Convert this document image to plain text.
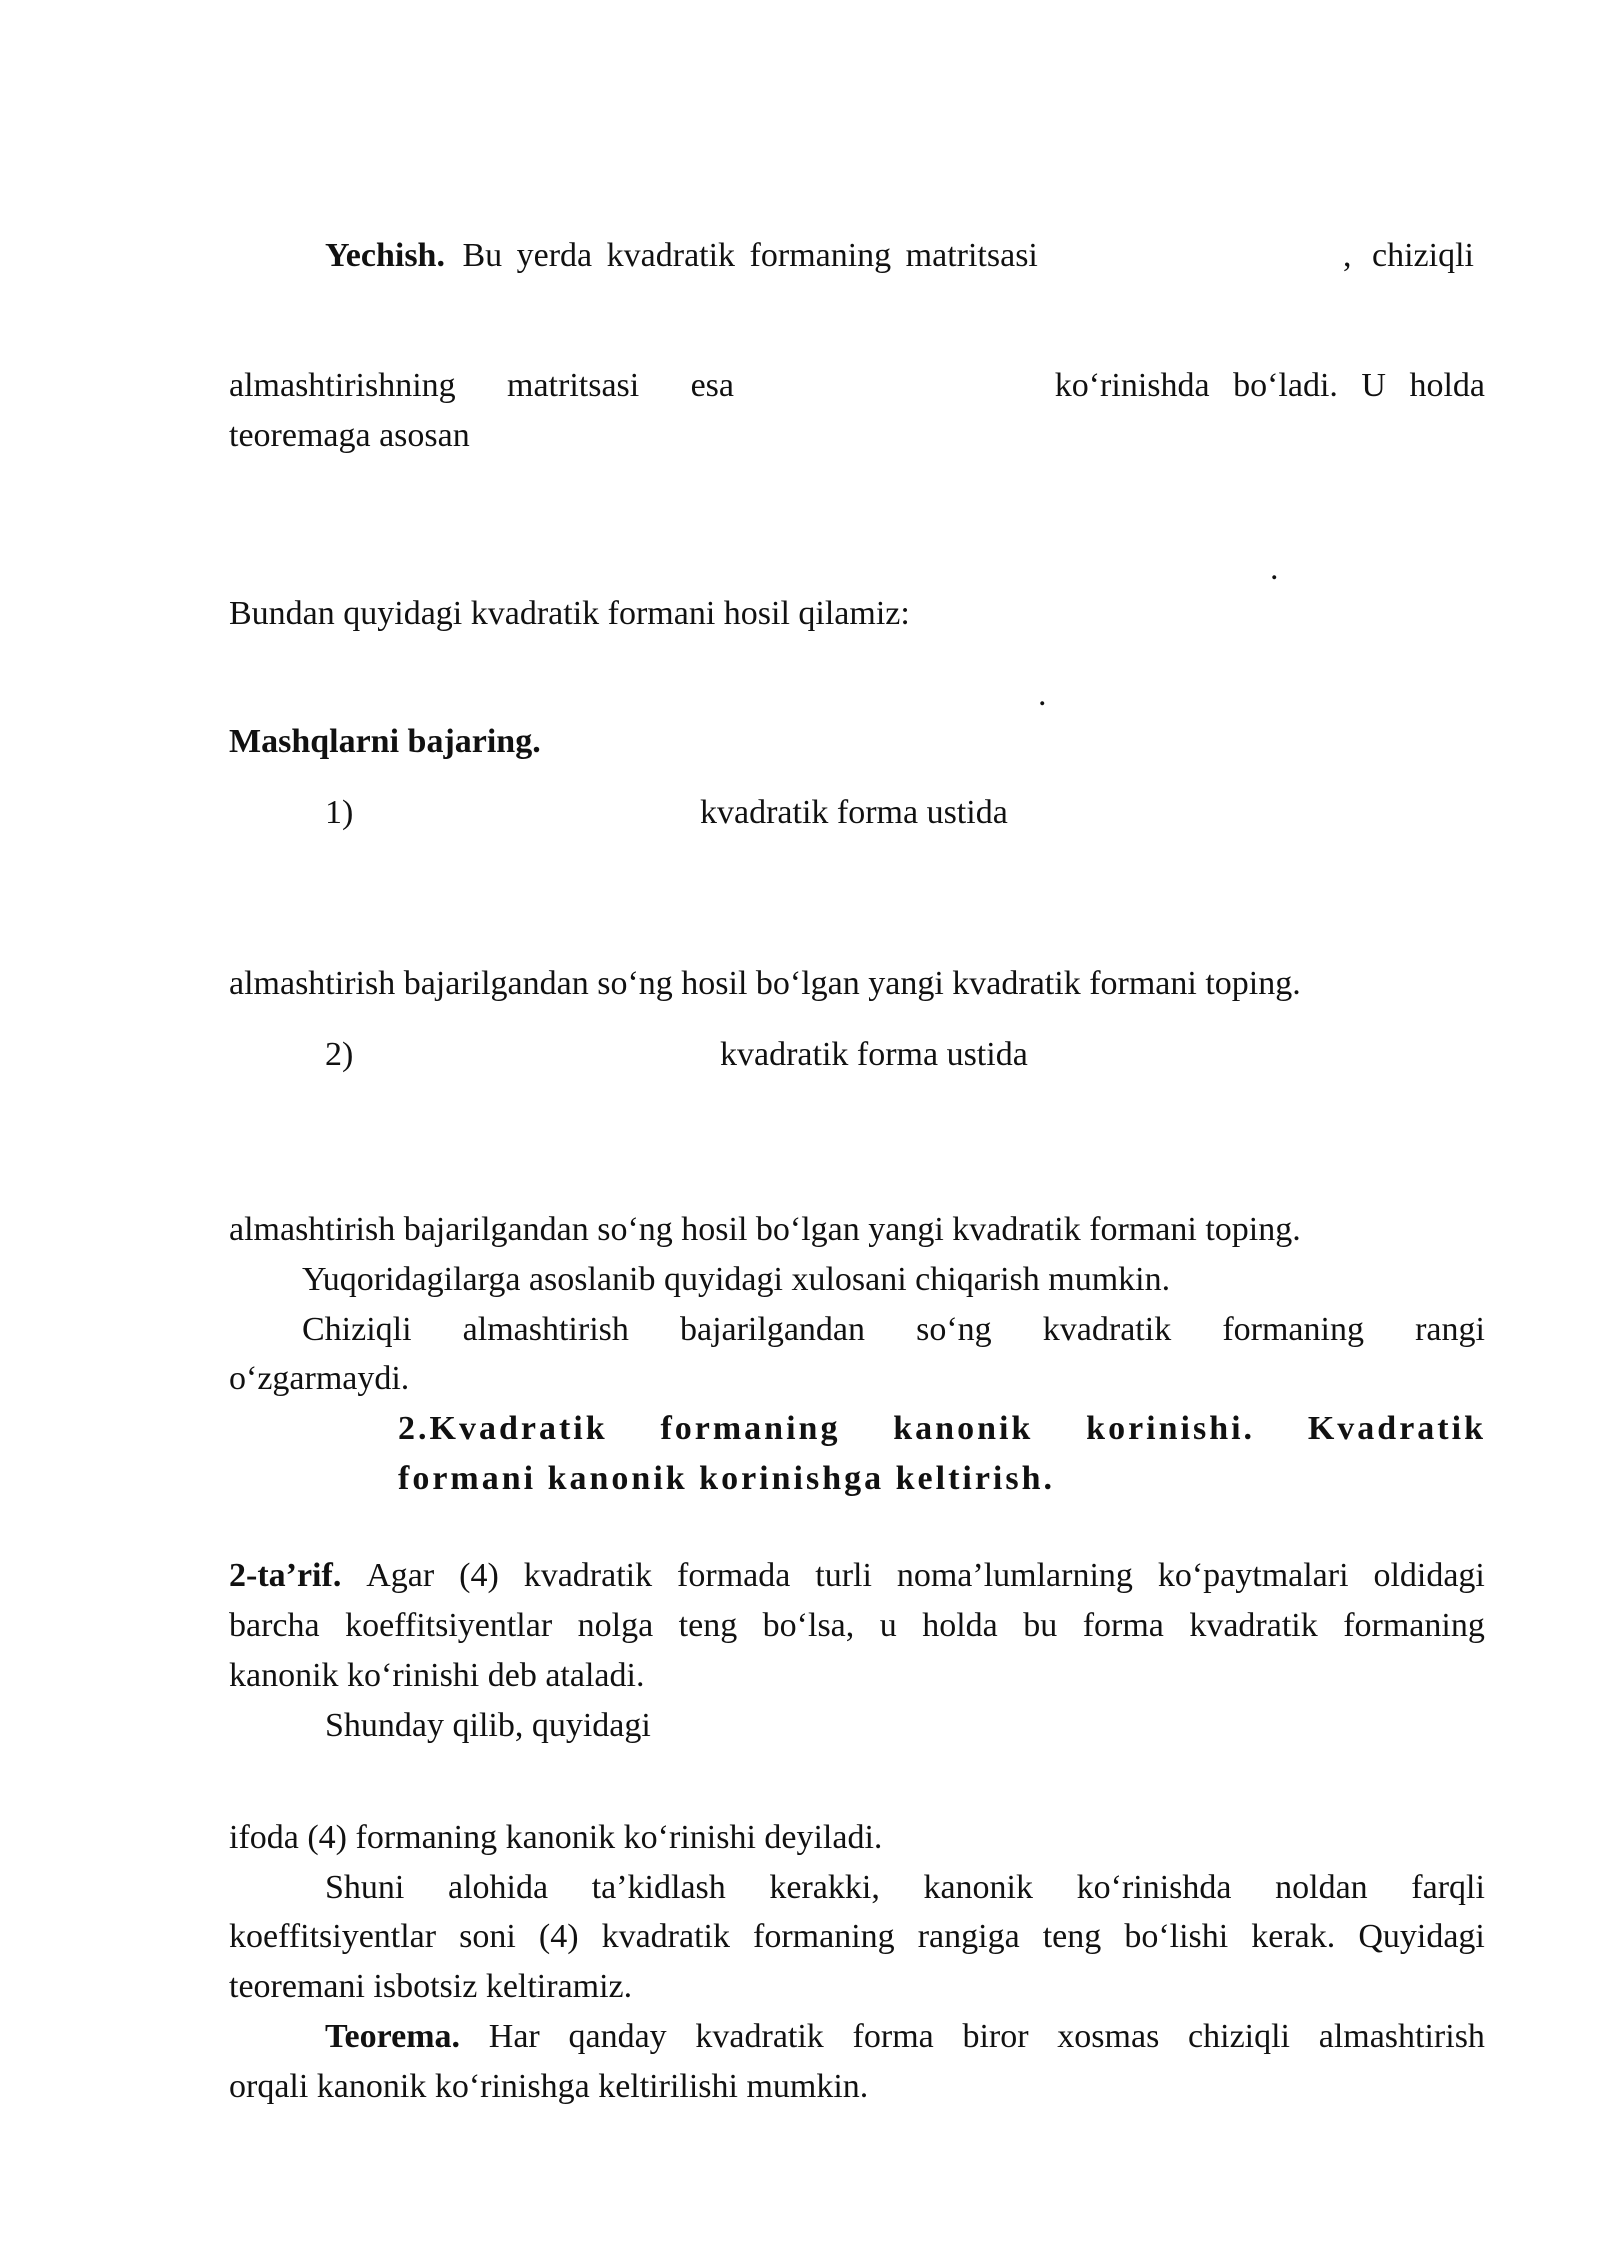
Yechish. Bu yerda kvadratik formaning matritsasi	, chiziqli
almashtirishning matritsasi esa	ko‘rinishda bo‘ladi. U holda
teoremaga asosan
.
Bundan quyidagi kvadratik formani hosil qilamiz:
.
Mashqlarni bajaring.
1)	kvadratik forma ustida
almashtirish bajarilgandan so‘ng hosil bo‘lgan yangi kvadratik formani toping.
2)	kvadratik forma ustida
almashtirish bajarilgandan so‘ng hosil bo‘lgan yangi kvadratik formani toping.
Yuqoridagilarga asoslanib quyidagi xulosani chiqarish mumkin.
Chiziqli almashtirish bajarilgandan so‘ng kvadratik formaning rangi
o‘zgarmaydi.
2.Kvadratik formaning kanonik korinishi. Kvadratik
formani kanonik korinishga keltirish.
2-ta’rif. Agar (4) kvadratik formada turli noma’lumlarning ko‘paytmalari oldidagi
barcha koeffitsiyentlar nolga teng bo‘lsa, u holda bu forma kvadratik formaning
kanonik ko‘rinishi deb ataladi.
Shunday qilib, quyidagi
ifoda (4) formaning kanonik ko‘rinishi deyiladi.
Shuni alohida ta’kidlash kerakki, kanonik ko‘rinishda noldan farqli
koeffitsiyentlar soni (4) kvadratik formaning rangiga teng bo‘lishi kerak. Quyidagi
teoremani isbotsiz keltiramiz.
Teorema. Har qanday kvadratik forma biror xosmas chiziqli almashtirish
orqali kanonik ko‘rinishga keltirilishi mumkin.
